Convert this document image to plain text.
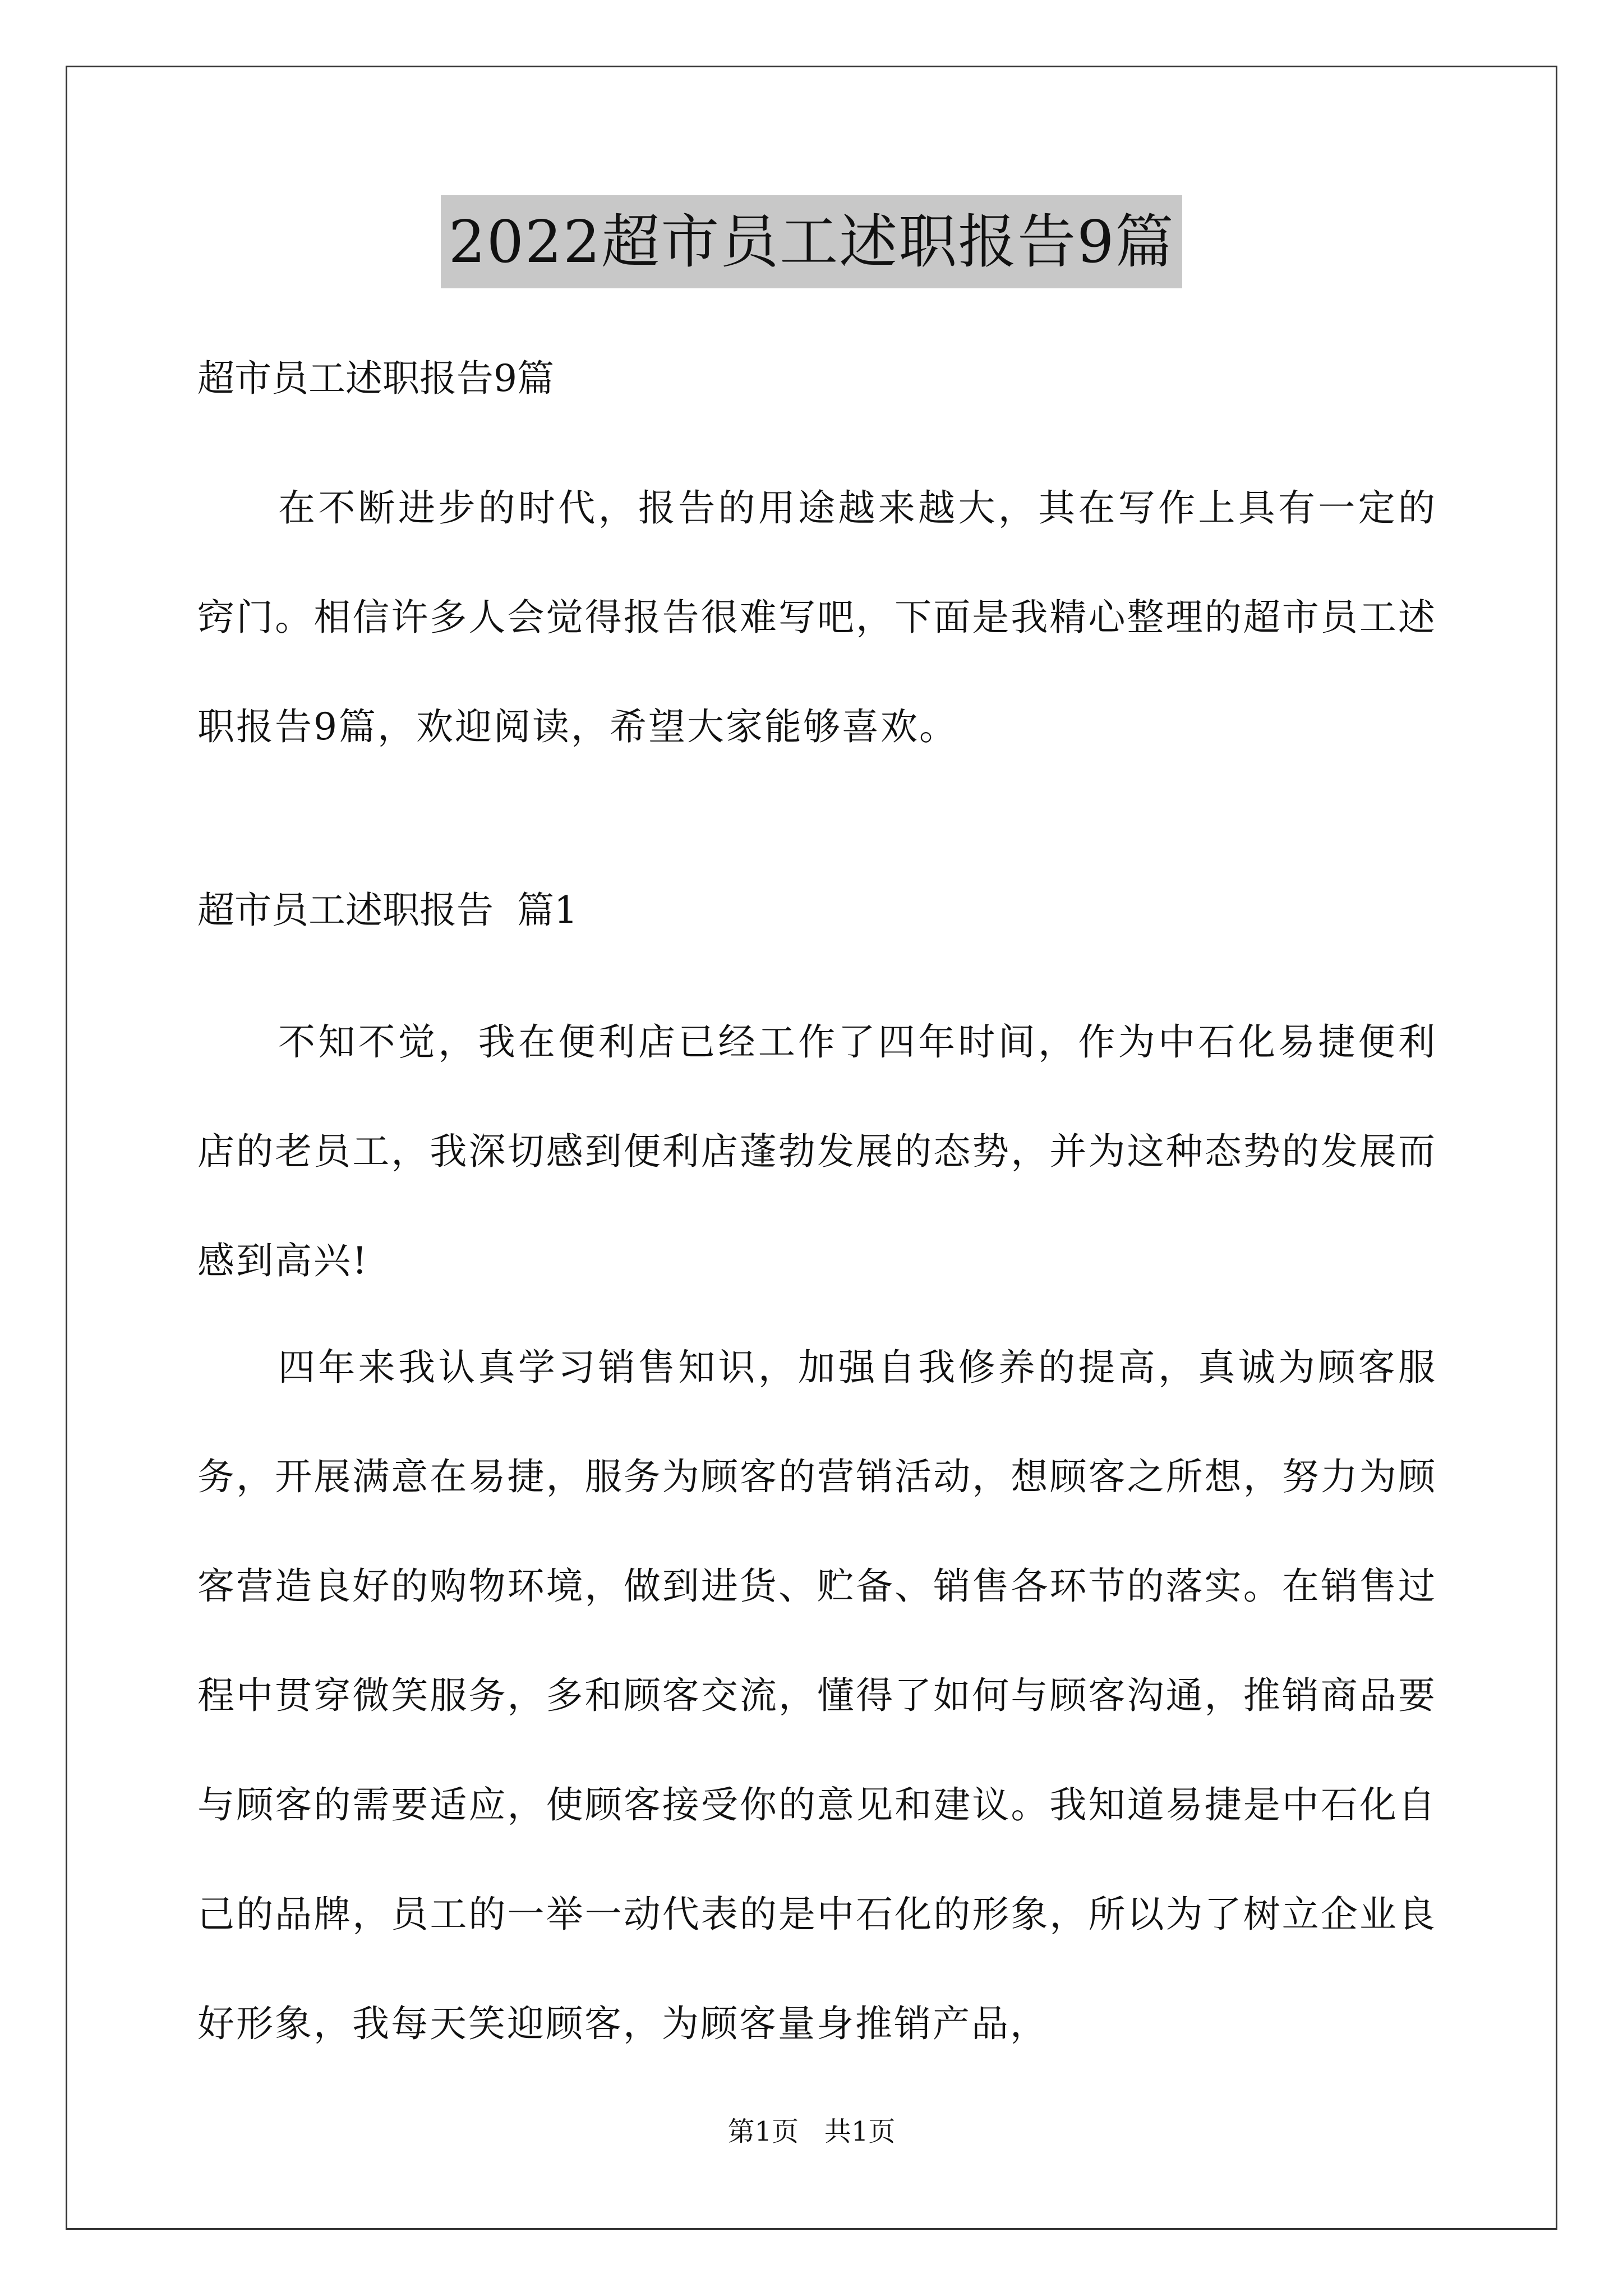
2022超市员工述职报告9篇

超市员工述职报告9篇

在不断进步的时代，报告的用途越来越大，其在写作上具有一定的窍门。相信许多人会觉得报告很难写吧，下面是我精心整理的超市员工述职报告9篇，欢迎阅读，希望大家能够喜欢。

超市员工述职报告  篇1

不知不觉，我在便利店已经工作了四年时间，作为中石化易捷便利店的老员工，我深切感到便利店蓬勃发展的态势，并为这种态势的发展而感到高兴!

四年来我认真学习销售知识，加强自我修养的提高，真诚为顾客服务，开展满意在易捷，服务为顾客的营销活动，想顾客之所想，努力为顾客营造良好的购物环境，做到进货、贮备、销售各环节的落实。在销售过程中贯穿微笑服务，多和顾客交流，懂得了如何与顾客沟通，推销商品要与顾客的需要适应，使顾客接受你的意见和建议。我知道易捷是中石化自己的品牌，员工的一举一动代表的是中石化的形象，所以为了树立企业良好形象，我每天笑迎顾客，为顾客量身推销产品，

第1页   共1页
